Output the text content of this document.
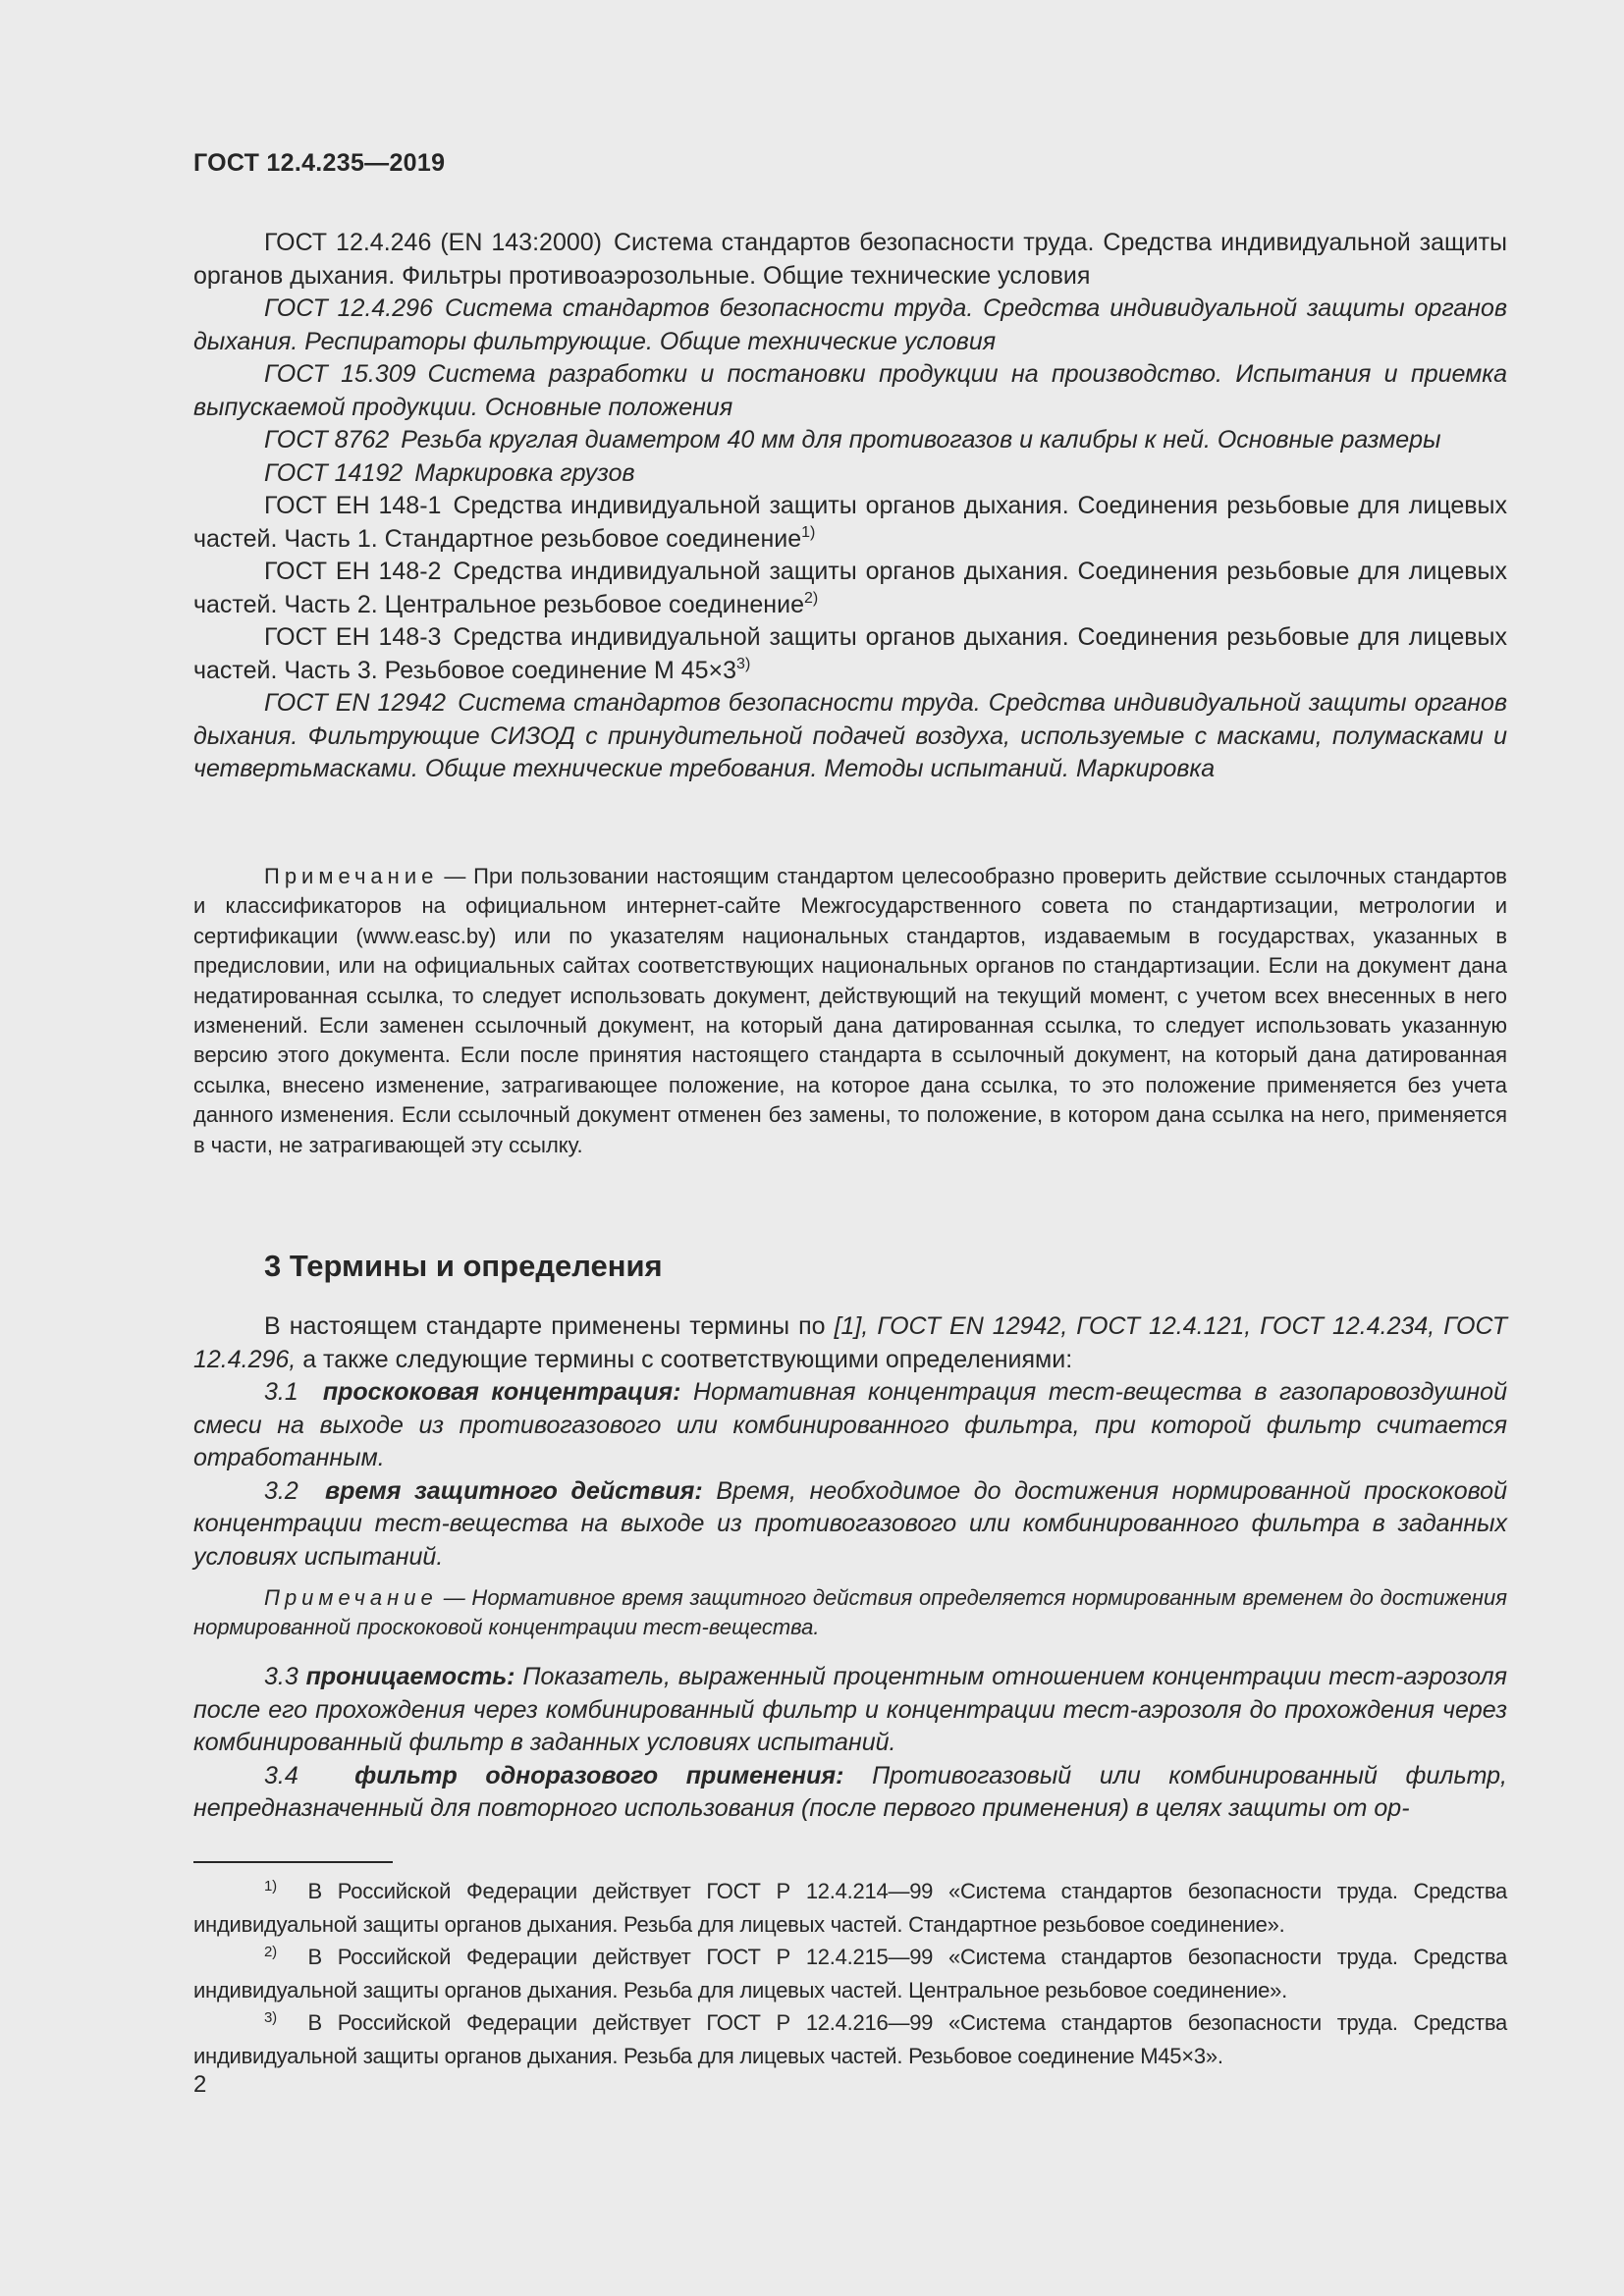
ГОСТ 12.4.235—2019

ГОСТ 12.4.246 (EN 143:2000) Система стандартов безопасности труда. Средства индивидуальной защиты органов дыхания. Фильтры противоаэрозольные. Общие технические условия

ГОСТ 12.4.296 Система стандартов безопасности труда. Средства индивидуальной защиты органов дыхания. Респираторы фильтрующие. Общие технические условия

ГОСТ 15.309 Система разработки и постановки продукции на производство. Испытания и приемка выпускаемой продукции. Основные положения

ГОСТ 8762 Резьба круглая диаметром 40 мм для противогазов и калибры к ней. Основные размеры

ГОСТ 14192 Маркировка грузов

ГОСТ ЕН 148-1 Средства индивидуальной защиты органов дыхания. Соединения резьбовые для лицевых частей. Часть 1. Стандартное резьбовое соединение$^{1)}$

ГОСТ ЕН 148-2 Средства индивидуальной защиты органов дыхания. Соединения резьбовые для лицевых частей. Часть 2. Центральное резьбовое соединение$^{2)}$

ГОСТ ЕН 148-3 Средства индивидуальной защиты органов дыхания. Соединения резьбовые для лицевых частей. Часть 3. Резьбовое соединение М $45\times 3^{3)}$

ГОСТ EN 12942 Система стандартов безопасности труда. Средства индивидуальной защиты органов дыхания. Фильтрующие СИЗОД с принудительной подачей воздуха, используемые с масками, полумасками и четвертьмасками. Общие технические требования. Методы испытаний. Маркировка

Примечание — При пользовании настоящим стандартом целесообразно проверить действие ссылочных стандартов и классификаторов на официальном интернет-сайте Межгосударственного совета по стандартизации, метрологии и сертификации (www.easc.by) или по указателям национальных стандартов, издаваемым в государствах, указанных в предисловии, или на официальных сайтах соответствующих национальных органов по стандартизации. Если на документ дана недатированная ссылка, то следует использовать документ, действующий на текущий момент, с учетом всех внесенных в него изменений. Если заменен ссылочный документ, на который дана датированная ссылка, то следует использовать указанную версию этого документа. Если после принятия настоящего стандарта в ссылочный документ, на который дана датированная ссылка, внесено изменение, затрагивающее положение, на которое дана ссылка, то это положение применяется без учета данного изменения. Если ссылочный документ отменен без замены, то положение, в котором дана ссылка на него, применяется в части, не затрагивающей эту ссылку.

3 Термины и определения

В настоящем стандарте применены термины по [1], ГОСТ EN 12942, ГОСТ 12.4.121, ГОСТ 12.4.234, ГОСТ 12.4.296, а также следующие термины с соответствующими определениями:

3.1 проскоковая концентрация: Нормативная концентрация тест-вещества в газопаровоздушной смеси на выходе из противогазового или комбинированного фильтра, при которой фильтр считается отработанным.

3.2 время защитного действия: Время, необходимое до достижения нормированной проскоковой концентрации тест-вещества на выходе из противогазового или комбинированного фильтра в заданных условиях испытаний.

Примечание — Нормативное время защитного действия определяется нормированным временем до достижения нормированной проскоковой концентрации тест-вещества.

3.3 проницаемость: Показатель, выраженный процентным отношением концентрации тест-аэрозоля после его прохождения через комбинированный фильтр и концентрации тест-аэрозоля до прохождения через комбинированный фильтр в заданных условиях испытаний.

3.4 фильтр одноразового применения: Противогазовый или комбинированный фильтр, непредназначенный для повторного использования (после первого применения) в целях защиты от ор-

$^{1)}$ В Российской Федерации действует ГОСТ Р 12.4.214—99 «Система стандартов безопасности труда. Средства индивидуальной защиты органов дыхания. Резьба для лицевых частей. Стандартное резьбовое соединение».

$^{2)}$ В Российской Федерации действует ГОСТ Р 12.4.215—99 «Система стандартов безопасности труда. Средства индивидуальной защиты органов дыхания. Резьба для лицевых частей. Центральное резьбовое соединение».

$^{3)}$ В Российской Федерации действует ГОСТ Р 12.4.216—99 «Система стандартов безопасности труда. Средства индивидуальной защиты органов дыхания. Резьба для лицевых частей. Резьбовое соединение М45×3».

2
